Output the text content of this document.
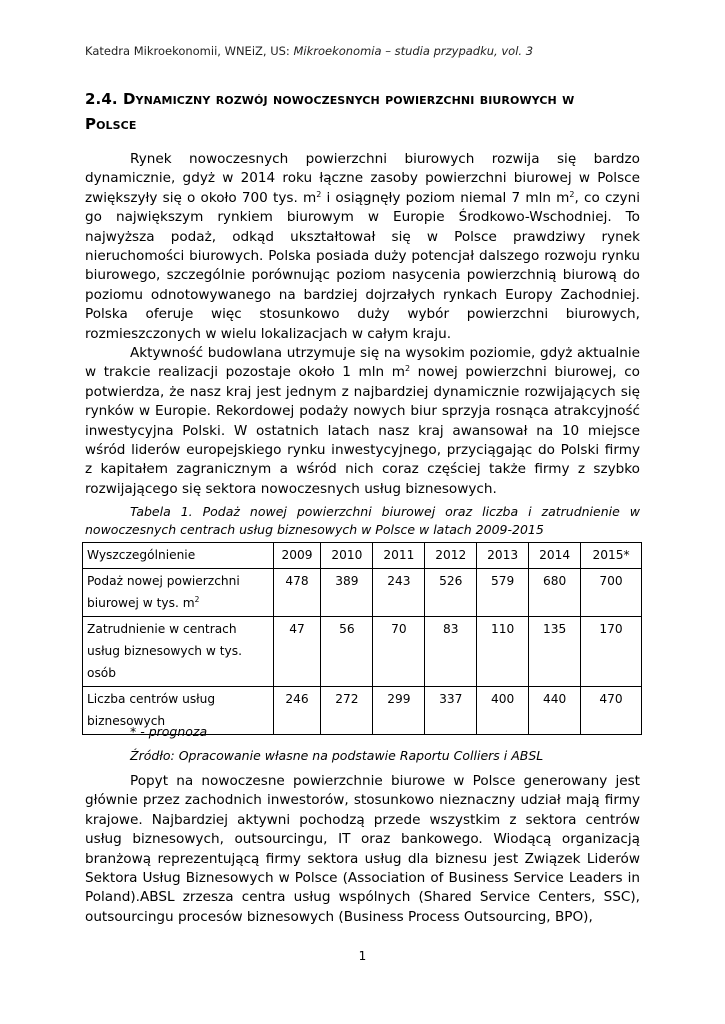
Katedra Mikroekonomii, WNEiZ, US: Mikroekonomia – studia przypadku, vol. 3
2.4. Dynamiczny rozwój nowoczesnych powierzchni biurowych w
Polsce

Rynek nowoczesnych powierzchni biurowych rozwija się bardzo dynamicznie, gdyż w 2014 roku łączne zasoby powierzchni biurowej w Polsce zwiększyły się o około 700 tys. $m^2$ i osiągnęły poziom niemal 7 mln $m^2$, co czyni go największym rynkiem biurowym w Europie Środkowo-Wschodniej. To najwyższa podaż, odkąd ukształtował się w Polsce prawdziwy rynek nieruchomości biurowych. Polska posiada duży potencjał dalszego rozwoju rynku biurowego, szczególnie porównując poziom nasycenia powierzchnią biurową do poziomu odnotowywanego na bardziej dojrzałych rynkach Europy Zachodniej. Polska oferuje więc stosunkowo duży wybór powierzchni biurowych, rozmieszczonych w wielu lokalizacjach w całym kraju.

Aktywność budowlana utrzymuje się na wysokim poziomie, gdyż aktualnie w trakcie realizacji pozostaje około 1 mln $m^2$ nowej powierzchni biurowej, co potwierdza, że nasz kraj jest jednym z najbardziej dynamicznie rozwijających się rynków w Europie. Rekordowej podaży nowych biur sprzyja rosnąca atrakcyjność inwestycyjna Polski. W ostatnich latach nasz kraj awansował na 10 miejsce wśród liderów europejskiego rynku inwestycyjnego, przyciągając do Polski firmy z kapitałem zagranicznym a wśród nich coraz częściej także firmy z szybko rozwijającego się sektora nowoczesnych usług biznesowych.

Tabela 1. Podaż nowej powierzchni biurowej oraz liczba i zatrudnienie w nowoczesnych centrach usług biznesowych w Polsce w latach 2009-2015
Wyszczególnienie	2009	2010	2011	2012	2013	2014	2015*
Podaż nowej powierzchni biurowej w tys. $m^2$	478	389	243	526	579	680	700
Zatrudnienie w centrach usług biznesowych w tys. osób	47	56	70	83	110	135	170
Liczba centrów usług biznesowych	246	272	299	337	400	440	470
* - prognoza
Źródło: Opracowanie własne na podstawie Raportu Colliers i ABSL

Popyt na nowoczesne powierzchnie biurowe w Polsce generowany jest głównie przez zachodnich inwestorów, stosunkowo nieznaczny udział mają firmy krajowe. Najbardziej aktywni pochodzą przede wszystkim z sektora centrów usług biznesowych, outsourcingu, IT oraz bankowego. Wiodącą organizacją branżową reprezentującą firmy sektora usług dla biznesu jest Związek Liderów Sektora Usług Biznesowych w Polsce (Association of Business Service Leaders in Poland).ABSL zrzesza centra usług wspólnych (Shared Service Centers, SSC), outsourcingu procesów biznesowych (Business Process Outsourcing, BPO),

1
